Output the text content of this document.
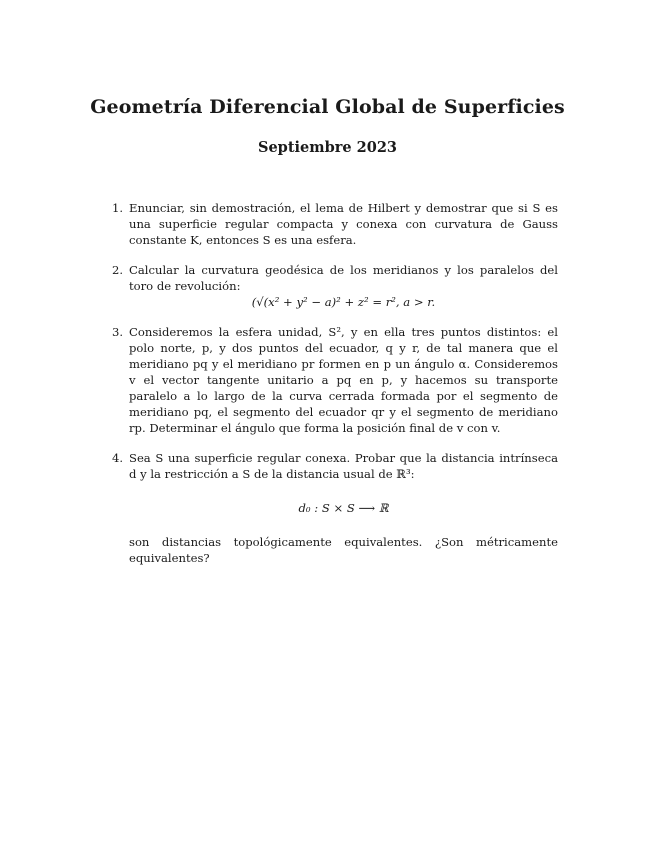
Geometría Diferencial Global de Superficies
Septiembre 2023
1. Enunciar, sin demostración, el lema de Hilbert y demostrar que si S es una superficie regular compacta y conexa con curvatura de Gauss constante K, entonces S es una esfera.
2. Calcular la curvatura geodésica de los meridianos y los paralelos del toro de revolución:
(√(x² + y² − a)² + z² = r², a > r.
3. Consideremos la esfera unidad, S², y en ella tres puntos distintos: el polo norte, p, y dos puntos del ecuador, q y r, de tal manera que el meridiano pq y el meridiano pr formen en p un ángulo α. Consideremos v el vector tangente unitario a pq en p, y hacemos su transporte paralelo a lo largo de la curva cerrada formada por el segmento de meridiano pq, el segmento del ecuador qr y el segmento de meridiano rp. Determinar el ángulo que forma la posición final de v con v.
4. Sea S una superficie regular conexa. Probar que la distancia intrínseca d y la restricción a S de la distancia usual de ℝ³:
d₀ : S × S ⟶ ℝ
son distancias topológicamente equivalentes. ¿Son métricamente equivalentes?
